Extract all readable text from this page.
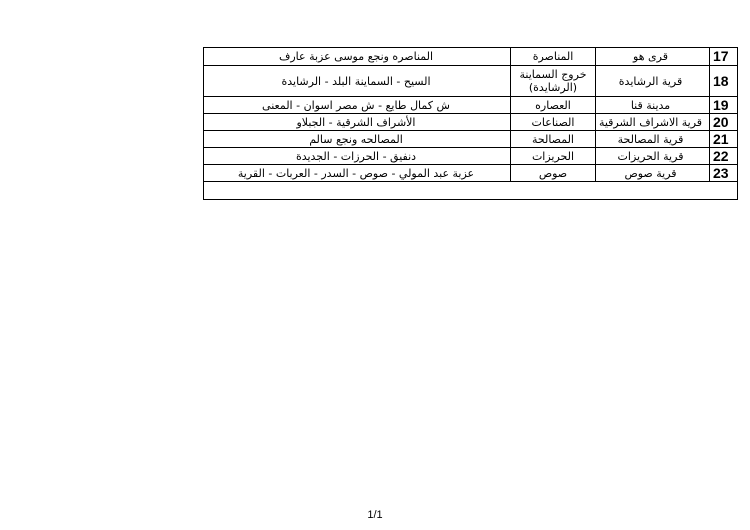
المناصره ونجع موسى عزبة عارف	المناصرة	قرى هو	17

السيح - السماينة البلد - الرشايدة	خروج السماينة (الرشايدة)	قرية الرشايدة	18

ش كمال طايع - ش مصر اسوان - المعنى	العصاره	مدينة قنا	19

الأشراف الشرقية - الجبلاو	الصناعات	قرية الاشراف الشرقية	20

المصالحه ونجع سالم	المصالحة	قرية المصالحة	21

دنفيق - الحرزات - الجديدة	الحريزات	قرية الحريزات	22

عزبة عبد المولي - صوص - السدر - العربات - القرية	صوص	قرية صوص	23

1/1
